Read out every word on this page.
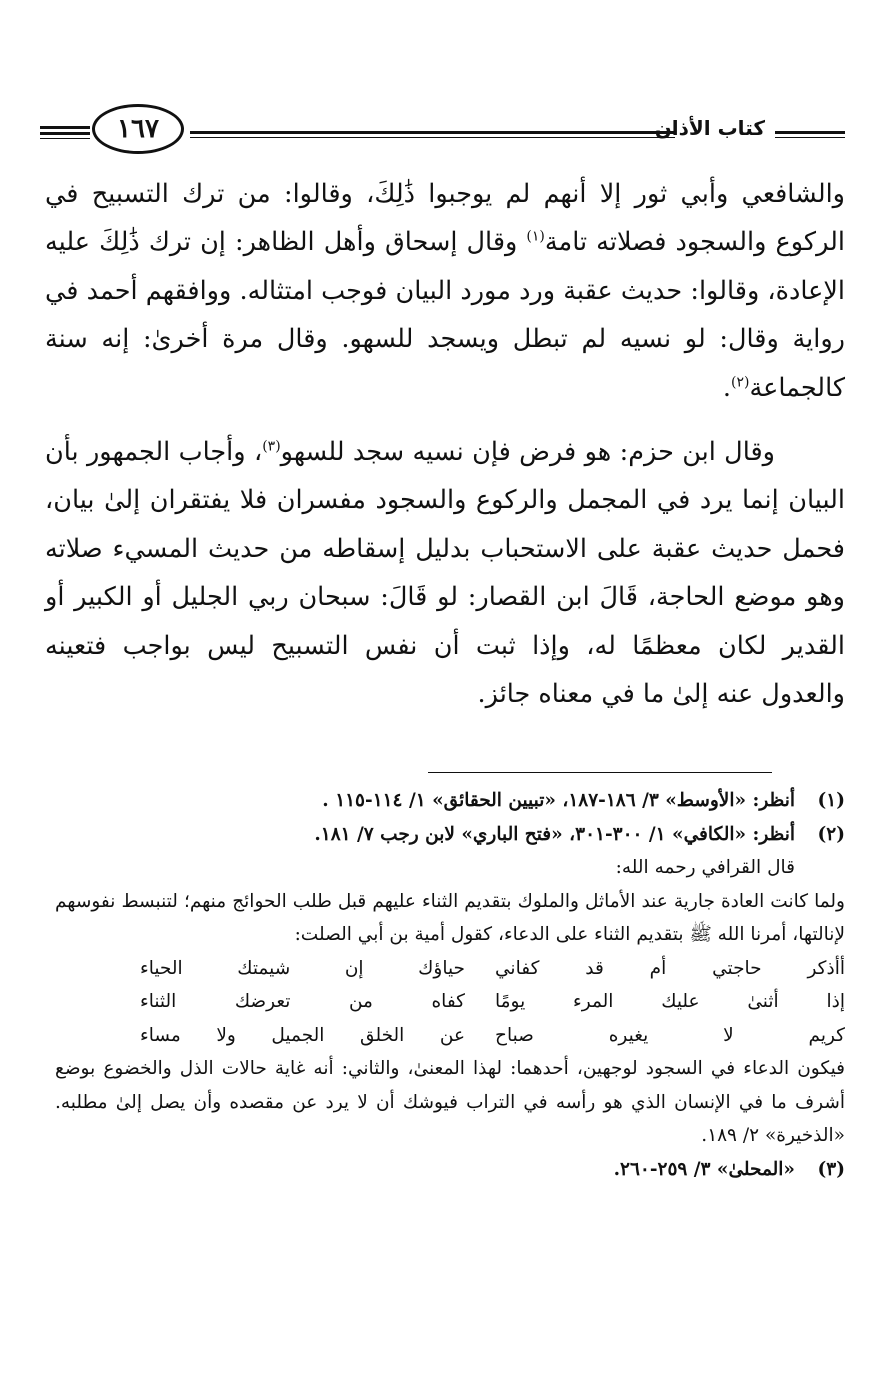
١٦٧	كتاب الأذان

والشافعي وأبي ثور إلا أنهم لم يوجبوا ذَٰلِكَ، وقالوا: من ترك التسبيح في الركوع والسجود فصلاته تامة$^{(١)}$ وقال إسحاق وأهل الظاهر: إن ترك ذَٰلِكَ عليه الإعادة، وقالوا: حديث عقبة ورد مورد البيان فوجب امتثاله. ووافقهم أحمد في رواية وقال: لو نسيه لم تبطل ويسجد للسهو. وقال مرة أخرىٰ: إنه سنة كالجماعة$^{(٢)}$.

وقال ابن حزم: هو فرض فإن نسيه سجد للسهو$^{(٣)}$، وأجاب الجمهور بأن البيان إنما يرد في المجمل والركوع والسجود مفسران فلا يفتقران إلىٰ بيان، فحمل حديث عقبة على الاستحباب بدليل إسقاطه من حديث المسيء صلاته وهو موضع الحاجة، قَالَ ابن القصار: لو قَالَ: سبحان ربي الجليل أو الكبير أو القدير لكان معظمًا له، وإذا ثبت أن نفس التسبيح ليس بواجب فتعينه والعدول عنه إلىٰ ما في معناه جائز.

(١)
أنظر: «الأوسط» ٣/ ١٨٦-١٨٧، «تبيين الحقائق» ١/ ١١٤-١١٥ .
(٢)
أنظر: «الكافي» ١/ ٣٠٠-٣٠١، «فتح الباري» لابن رجب ٧/ ١٨١.
قال القرافي رحمه الله:
ولما كانت العادة جارية عند الأماثل والملوك بتقديم الثناء عليهم قبل طلب الحوائج منهم؛ لتنبسط نفوسهم لإنالتها، أمرنا الله ﷺ بتقديم الثناء على الدعاء، كقول أمية بن أبي الصلت:
أأذكر حاجتي أم قد كفاني
حياؤك إن شيمتك الحياء
إذا أثنىٰ عليك المرء يومًا
كفاه من تعرضك الثناء
كريم لا يغيره صباح
عن الخلق الجميل ولا مساء
فيكون الدعاء في السجود لوجهين، أحدهما: لهذا المعنىٰ، والثاني: أنه غاية حالات الذل والخضوع بوضع أشرف ما في الإنسان الذي هو رأسه في التراب فيوشك أن لا يرد عن مقصده وأن يصل إلىٰ مطلبه. «الذخيرة» ٢/ ١٨٩.
(٣)
«المحلىٰ» ٣/ ٢٥٩-٢٦٠.
